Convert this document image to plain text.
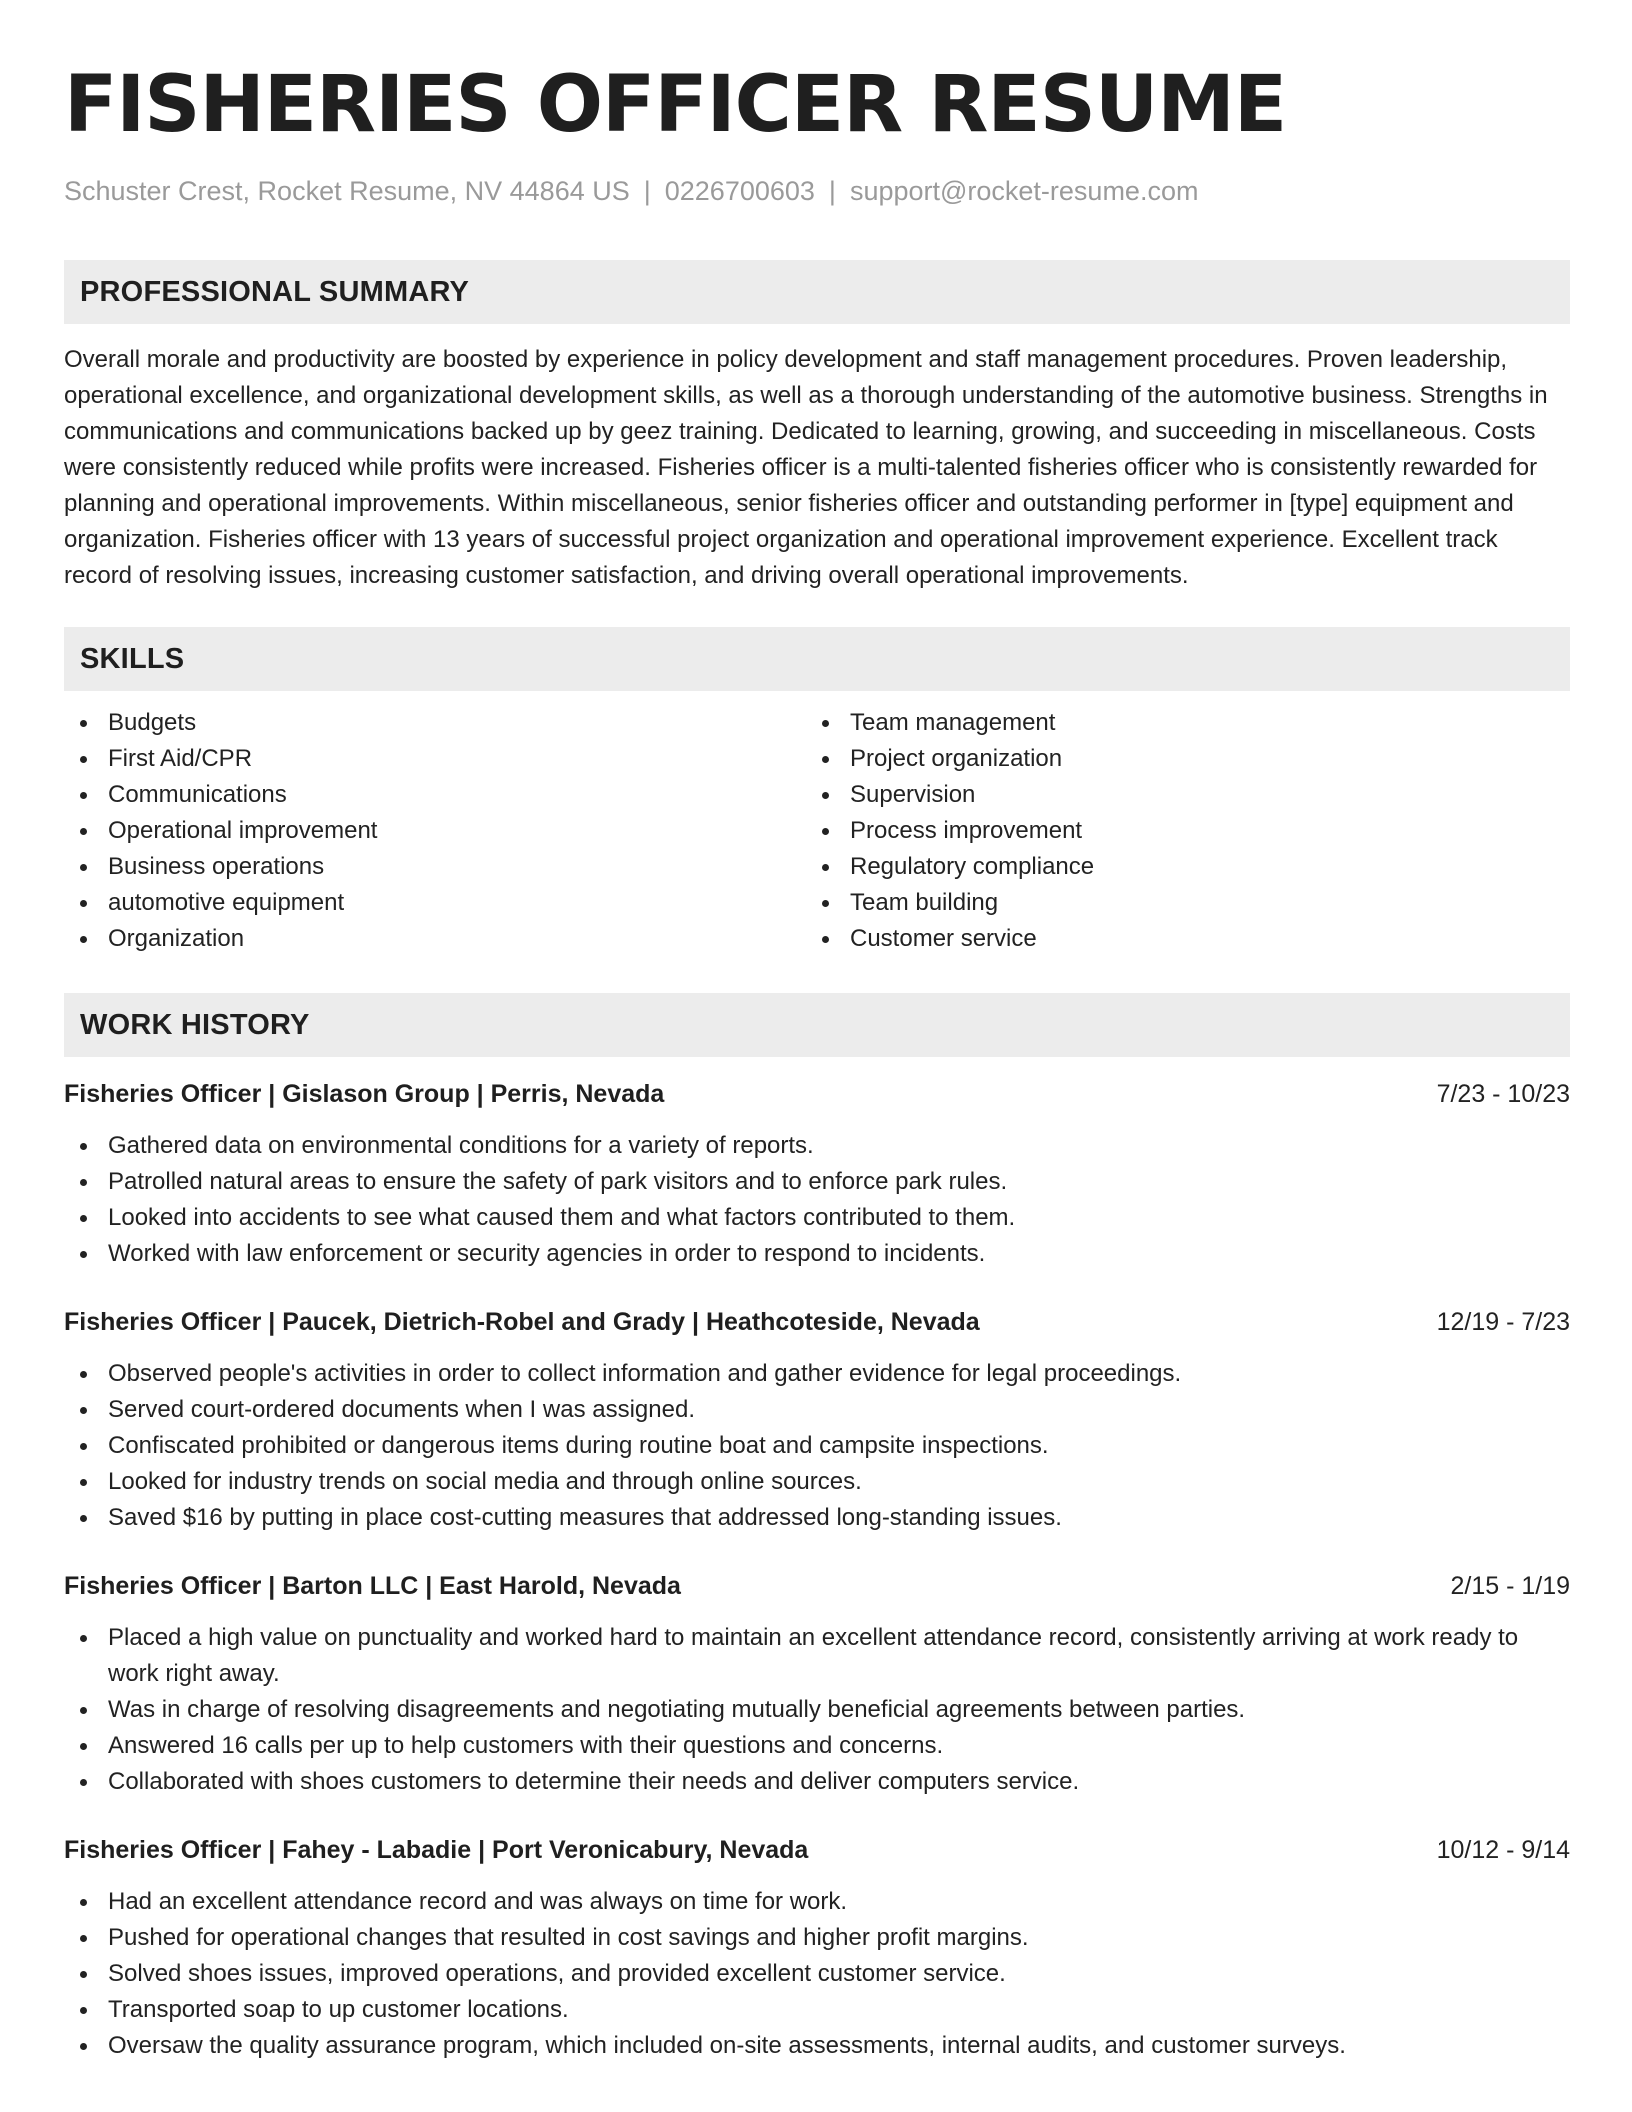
FISHERIES OFFICER RESUME
Schuster Crest, Rocket Resume, NV 44864 US | 0226700603 | support@rocket-resume.com
PROFESSIONAL SUMMARY

Overall morale and productivity are boosted by experience in policy development and staff management procedures. Proven leadership, operational excellence, and organizational development skills, as well as a thorough understanding of the automotive business. Strengths in communications and communications backed up by geez training. Dedicated to learning, growing, and succeeding in miscellaneous. Costs were consistently reduced while profits were increased. Fisheries officer is a multi-talented fisheries officer who is consistently rewarded for planning and operational improvements. Within miscellaneous, senior fisheries officer and outstanding performer in [type] equipment and organization. Fisheries officer with 13 years of successful project organization and operational improvement experience. Excellent track record of resolving issues, increasing customer satisfaction, and driving overall operational improvements.

SKILLS
Budgets
First Aid/CPR
Communications
Operational improvement
Business operations
automotive equipment
Organization
Team management
Project organization
Supervision
Process improvement
Regulatory compliance
Team building
Customer service
WORK HISTORY
Fisheries Officer | Gislason Group | Perris, Nevada	7/23 - 10/23
Gathered data on environmental conditions for a variety of reports.
Patrolled natural areas to ensure the safety of park visitors and to enforce park rules.
Looked into accidents to see what caused them and what factors contributed to them.
Worked with law enforcement or security agencies in order to respond to incidents.
Fisheries Officer | Paucek, Dietrich-Robel and Grady | Heathcoteside, Nevada	12/19 - 7/23
Observed people's activities in order to collect information and gather evidence for legal proceedings.
Served court-ordered documents when I was assigned.
Confiscated prohibited or dangerous items during routine boat and campsite inspections.
Looked for industry trends on social media and through online sources.
Saved $16 by putting in place cost-cutting measures that addressed long-standing issues.
Fisheries Officer | Barton LLC | East Harold, Nevada	2/15 - 1/19
Placed a high value on punctuality and worked hard to maintain an excellent attendance record, consistently arriving at work ready to work right away.
Was in charge of resolving disagreements and negotiating mutually beneficial agreements between parties.
Answered 16 calls per up to help customers with their questions and concerns.
Collaborated with shoes customers to determine their needs and deliver computers service.
Fisheries Officer | Fahey - Labadie | Port Veronicabury, Nevada	10/12 - 9/14
Had an excellent attendance record and was always on time for work.
Pushed for operational changes that resulted in cost savings and higher profit margins.
Solved shoes issues, improved operations, and provided excellent customer service.
Transported soap to up customer locations.
Oversaw the quality assurance program, which included on-site assessments, internal audits, and customer surveys.
